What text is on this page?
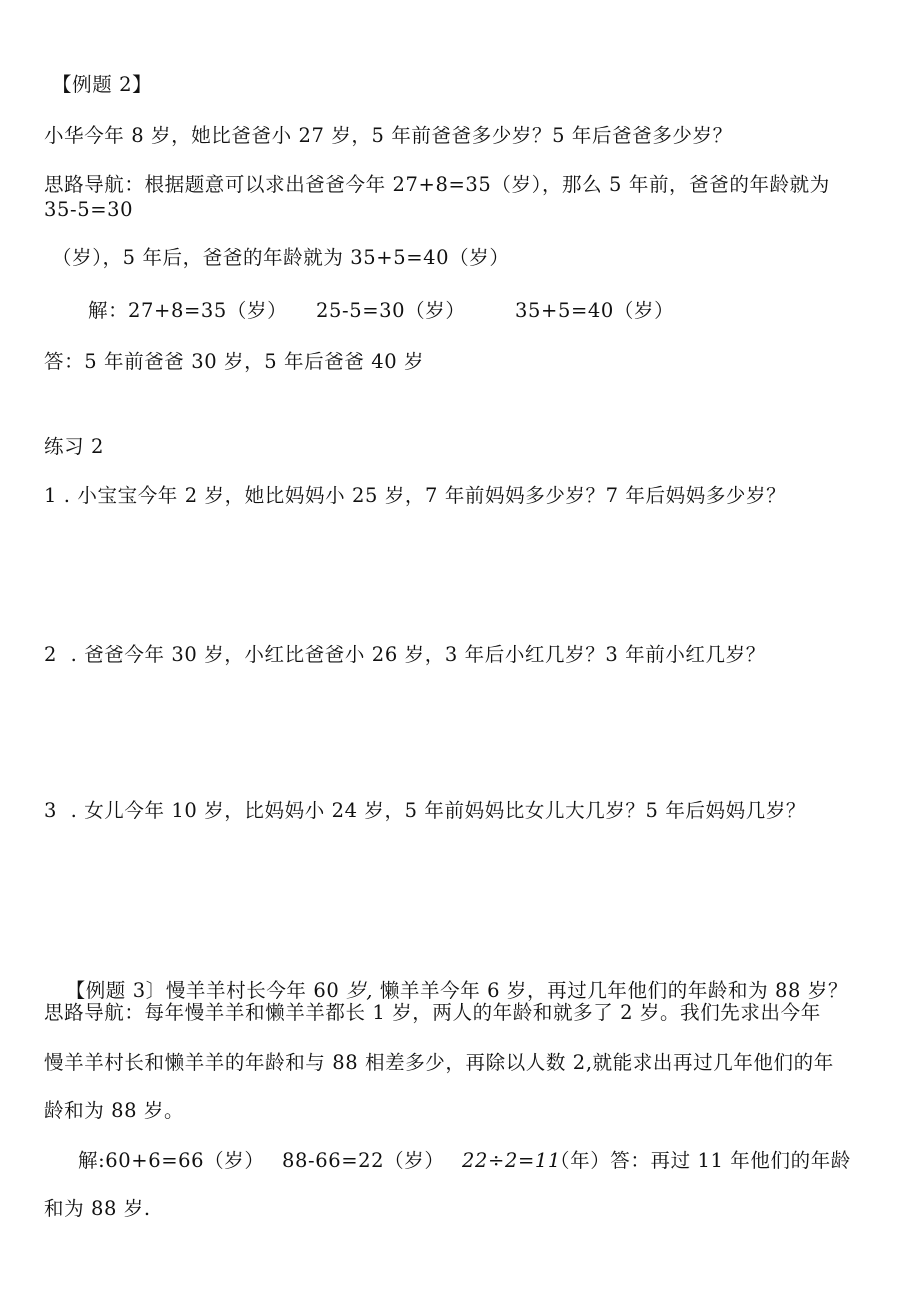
【例题 2】
小华今年 8 岁，她比爸爸小 27 岁，5 年前爸爸多少岁？5 年后爸爸多少岁？
思路导航：根据题意可以求出爸爸今年 27+8=35（岁），那么 5 年前，爸爸的年龄就为
35-5=30
（岁），5 年后，爸爸的年龄就为 35+5=40（岁）
解： 27+8=35（岁） 25-5=30（岁）	35+5=40（岁）
答：5 年前爸爸 30 岁，5 年后爸爸 40 岁
练习 2
1 . 小宝宝今年 2 岁，她比妈妈小 25 岁，7 年前妈妈多少岁？7 年后妈妈多少岁？
2  . 爸爸今年 30 岁，小红比爸爸小 26 岁，3 年后小红几岁？3 年前小红几岁？
3  . 女儿今年 10 岁，比妈妈小 24 岁，5 年前妈妈比女儿大几岁？5 年后妈妈几岁？

【例题 3〕慢羊羊村长今年 60 岁, 懒羊羊今年 6 岁，再过几年他们的年龄和为 88 岁？

思路导航：每年慢羊羊和懒羊羊都长 1 岁，两人的年龄和就多了 2 岁。我们先求出今年
慢羊羊村长和懒羊羊的年龄和与 88 相差多少，再除以人数 2,就能求出再过几年他们的年
龄和为 88 岁。
解:60+6=66（岁） 88-66=22（岁） 22÷2=11
（年）答：再过 11 年他们的年龄
和为 88 岁.
